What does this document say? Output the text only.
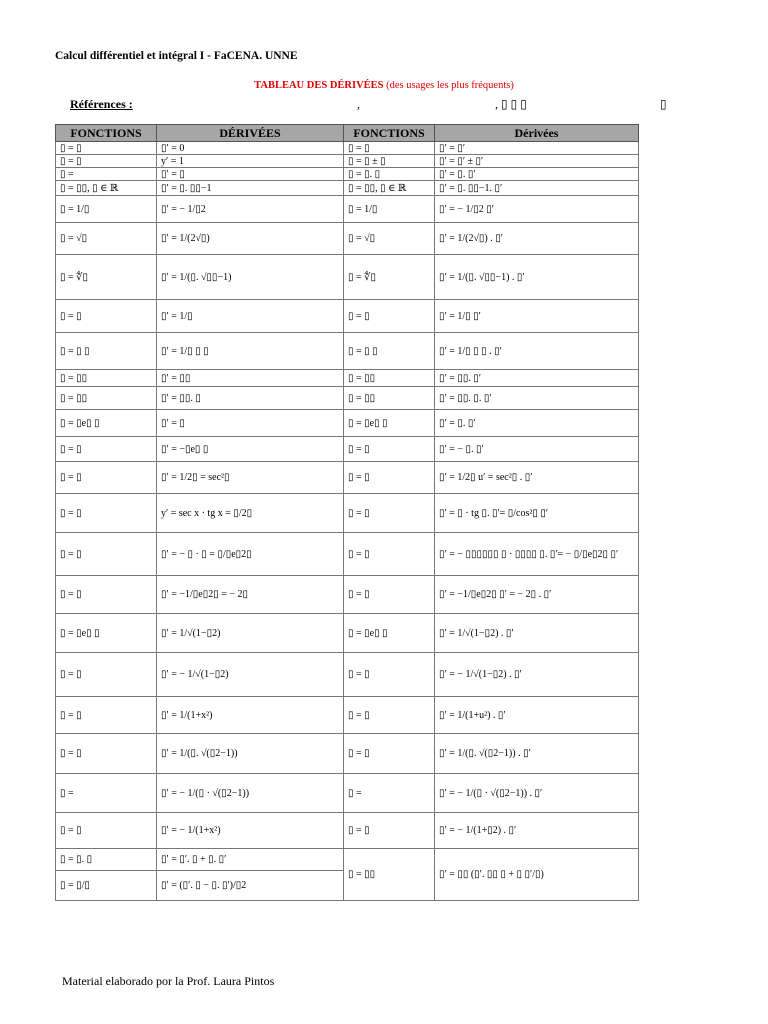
Calcul différentiel et intégral I - FaCENA. UNNE
TABLEAU DES DÉRIVÉES (des usages les plus fréquents)
Références :	,	, ▯ ▯ ▯	▯
FONCTIONS	DÉRIVÉES	FONCTIONS	Dérivées
▯ = ▯	▯′ = 0	▯ = ▯	▯′ = ▯′
▯ = ▯	y′ = 1	▯ = ▯ ± ▯	▯′ = ▯′ ± ▯′
▯ =	▯′ = ▯	▯ = ▯. ▯	▯′ = ▯. ▯′
▯ = ▯▯, ▯ ∈ ℝ	▯′ = ▯. ▯▯−1	▯ = ▯▯, ▯ ∈ ℝ	▯′ = ▯. ▯▯−1. ▯′
▯ = 1/▯	▯′ = − 1/▯2	▯ = 1/▯	▯′ = − 1/▯2 ▯′
▯ = √▯	▯′ = 1/(2√▯)	▯ = √▯	▯′ = 1/(2√▯) . ▯′
▯ = ∜▯	▯′ = 1/(▯. √▯▯−1)	▯ = ∜▯	▯′ = 1/(▯. √▯▯−1) . ▯′
▯ = ▯	▯′ = 1/▯	▯ = ▯	▯′ = 1/▯ ▯′
▯ = ▯ ▯	▯′ = 1/▯ ▯ ▯	▯ = ▯ ▯	▯′ = 1/▯ ▯ ▯ . ▯′
▯ = ▯▯	▯′ = ▯▯	▯ = ▯▯	▯′ = ▯▯. ▯′
▯ = ▯▯	▯′ = ▯▯. ▯	▯ = ▯▯	▯′ = ▯▯. ▯. ▯′
▯ = ▯e▯ ▯	▯′ = ▯	▯ = ▯e▯ ▯	▯′ = ▯. ▯′
▯ = ▯	▯′ = −▯e▯ ▯	▯ = ▯	▯′ = − ▯. ▯′
▯ = ▯	▯′ = 1/2▯ = sec²▯	▯ = ▯	▯′ = 1/2▯ u′ = sec²▯ . ▯′
▯ = ▯	y′ = sec x · tg x = ▯/2▯	▯ = ▯	▯′ = ▯ · tg ▯. ▯′= ▯/cos²▯ ▯′
▯ = ▯	▯′ = − ▯ · ▯ = ▯/▯e▯2▯	▯ = ▯	▯′ = − ▯▯▯▯▯▯ ▯ · ▯▯▯▯ ▯. ▯′= − ▯/▯e▯2▯ ▯′
▯ = ▯	▯′ = −1/▯e▯2▯ = − 2▯	▯ = ▯	▯′ = −1/▯e▯2▯ ▯′ = − 2▯ . ▯′
▯ = ▯e▯ ▯	▯′ = 1/√(1−▯2)	▯ = ▯e▯ ▯	▯′ = 1/√(1−▯2) . ▯′
▯ = ▯	▯′ = − 1/√(1−▯2)	▯ = ▯	▯′ = − 1/√(1−▯2) . ▯′
▯ = ▯	▯′ = 1/(1+x²)	▯ = ▯	▯′ = 1/(1+u²) . ▯′
▯ = ▯	▯′ = 1/(▯. √(▯2−1))	▯ = ▯	▯′ = 1/(▯. √(▯2−1)) . ▯′
▯ =	▯′ = − 1/(▯ · √(▯2−1))	▯ =	▯′ = − 1/(▯ · √(▯2−1)) . ▯′
▯ = ▯	▯′ = − 1/(1+x²)	▯ = ▯	▯′ = − 1/(1+▯2) . ▯′
▯ = ▯. ▯	▯′ = ▯′. ▯ + ▯. ▯′	▯ = ▯▯	▯′ = ▯▯ (▯′. ▯▯ ▯ + ▯ ▯′/▯)
▯ = ▯/▯	▯′ = (▯′. ▯ − ▯. ▯′)/▯2		
Material elaborado por la Prof. Laura Pintos
